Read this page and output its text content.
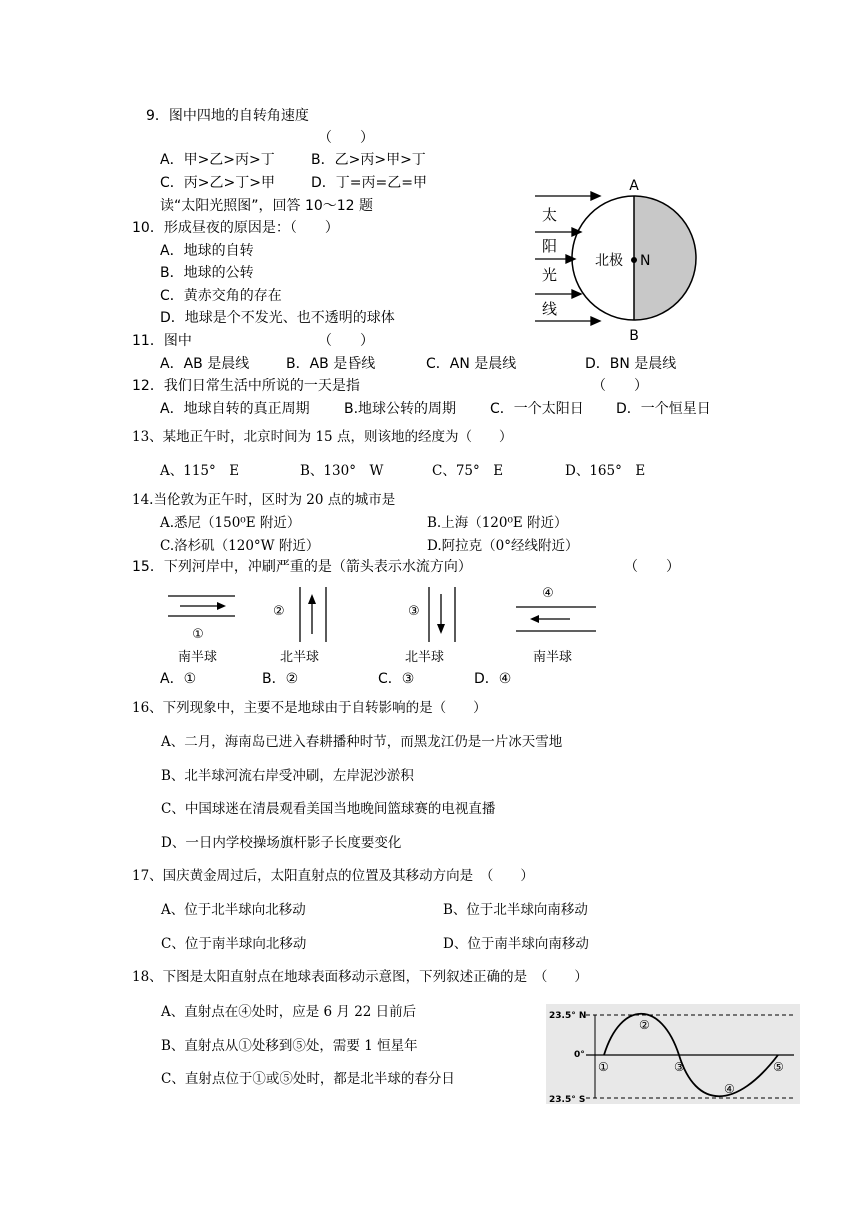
9．图中四地的自转角速度
（　　）
A．甲>乙>丙>丁	B．乙>丙>甲>丁
C．丙>乙>丁>甲	D．丁=丙=乙=甲
读“太阳光照图”，回答 10～12 题
10．形成昼夜的原因是：（　　）
A．地球的自转
B．地球的公转
C．黄赤交角的存在
D．地球是个不发光、也不透明的球体
11．图中	（　　）
A．AB 是晨线	B．AB 是昏线	C．AN 是晨线	D．BN 是晨线
12．我们日常生活中所说的一天是指	（　　）
A．地球自转的真正周期 B.地球公转的周期 C．一个太阳日 D．一个恒星日
13、某地正午时，北京时间为 15 点，则该地的经度为（　　）
A、115°　E	B、130°　W	C、75°　E	D、165°　E
14.当伦敦为正午时，区时为 20 点的城市是
A.悉尼（150⁰E 附近）	B.上海（120⁰E 附近）
C.洛杉矶（120°W 附近）	D.阿拉克（0°经线附近）
15．下列河岸中，冲刷严重的是（箭头表示水流方向）	（　　）
①
南半球
②
北半球
③
北半球
④
南半球
A．①	B．②	C．③	D．④
16、下列现象中，主要不是地球由于自转影响的是（　　）
A、二月，海南岛已进入春耕播种时节，而黑龙江仍是一片冰天雪地
B、北半球河流右岸受冲刷，左岸泥沙淤积
C、中国球迷在清晨观看美国当地晚间篮球赛的电视直播
D、一日内学校操场旗杆影子长度要变化
17、国庆黄金周过后，太阳直射点的位置及其移动方向是　（　　）
A、位于北半球向北移动	B、位于北半球向南移动
C、位于南半球向北移动	D、位于南半球向南移动
18、下图是太阳直射点在地球表面移动示意图，下列叙述正确的是　（　　）
A、直射点在④处时，应是 6 月 22 日前后
B、直射点从①处移到⑤处，需要 1 恒星年
C、直射点位于①或⑤处时，都是北半球的春分日
A
B
N
北极
太
阳
光
线
23.5° N
0°
23.5° S
①
②
③
④
⑤
